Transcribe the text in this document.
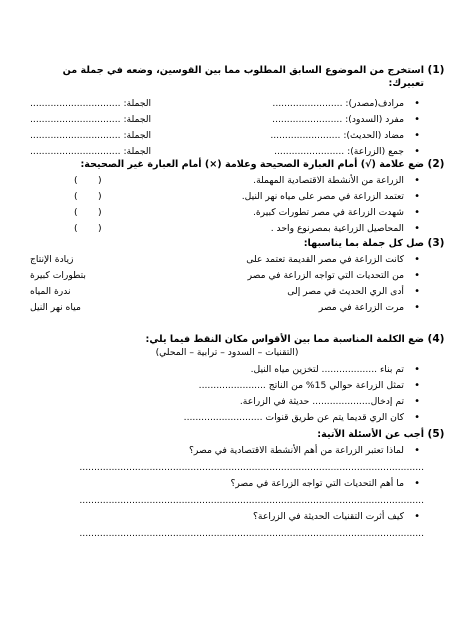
(1)
استخرج من الموضوع السابق المطلوب مما بين القوسين، وضعه في جملة من
تعبيرك:
• مرادف(مصدر): ........................
الجملة: ...............................
• مفرد (السدود): ........................
الجملة: ...............................
• مضاد (الحديث): ........................
الجملة: ...............................
• جمع (الزراعة): ........................
الجملة: ...............................
(2)
ضع علامة (√) أمام العبارة الصحيحة وعلامة (×) أمام العبارة غير الصحيحة:
• الزراعة من الأنشطة الاقتصادية المهملة.
(       )
• تعتمد الزراعة في مصر على مياه نهر النيل.
(       )
• شهدت الزراعة في مصر تطورات كبيرة.
(       )
• المحاصيل الزراعية بمصرنوع واحد .
(       )
(3)
صل كل جملة بما يناسبها:
• كانت الزراعة في مصر القديمة تعتمد على
زيادة الإنتاج
• من التحديات التي تواجه الزراعة في مصر
بتطورات كبيرة
• أدى الري الحديث في مصر إلى
ندرة المياه
• مرت الزراعة في مصر
مياه نهر النيل
(4)
ضع الكلمة المناسبة مما بين الأقواس مكان النقط فيما يلي:
(التقنيات – السدود – ترابية – المحلي)
• تم بناء ................... لتخزين مياه النيل.
• تمثل الزراعة حوالي 15% من الناتج .......................
• تم إدخال.................... حديثة في الزراعة.
• كان الري قديما يتم عن طريق قنوات ...........................
(5)
أجب عن الأسئلة الآتية:
• لماذا تعتبر الزراعة من أهم الأنشطة الاقتصادية في مصر؟
......................................................................................................................
• ما أهم التحديات التي تواجه الزراعة في مصر؟
......................................................................................................................
• كيف أثرت التقنيات الحديثة في الزراعة؟
......................................................................................................................
